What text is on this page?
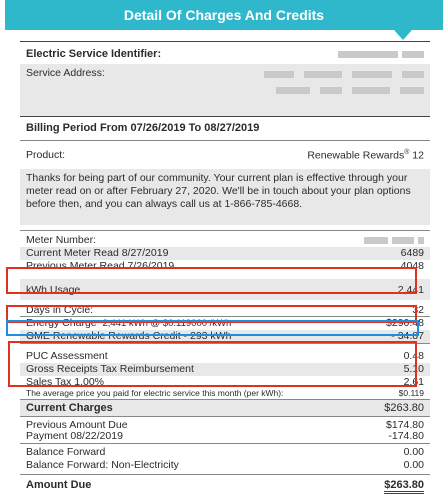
Detail Of Charges And Credits
Electric Service Identifier:
Service Address:
Billing Period From 07/26/2019 To 08/27/2019
Product:	Renewable Rewards® 12
Thanks for being part of our community. Your current plan is effective through your meter read on or after February 27, 2020. We'll be in touch about your plan options before then, and you can always call us at 1-866-785-4668.
Meter Number:
Current Meter Read 8/27/2019	6489
Previous Meter Read 7/26/2019	4048
kWh Usage	2,441
Days in Cycle:	32
Energy Charge 2,441 kWh @ $0.119000 /kWh	$290.48
GME Renewable Rewards Credit - 293 kWh	- 34.87
PUC Assessment	0.48
Gross Receipts Tax Reimbursement	5.10
Sales Tax 1.00%	2.61
The average price you paid for electric service this month (per kWh):	$0.119
Current Charges	$263.80
Previous Amount Due	$174.80
Payment 08/22/2019	-174.80
Balance Forward	0.00
Balance Forward: Non-Electricity	0.00
Amount Due	$263.80
